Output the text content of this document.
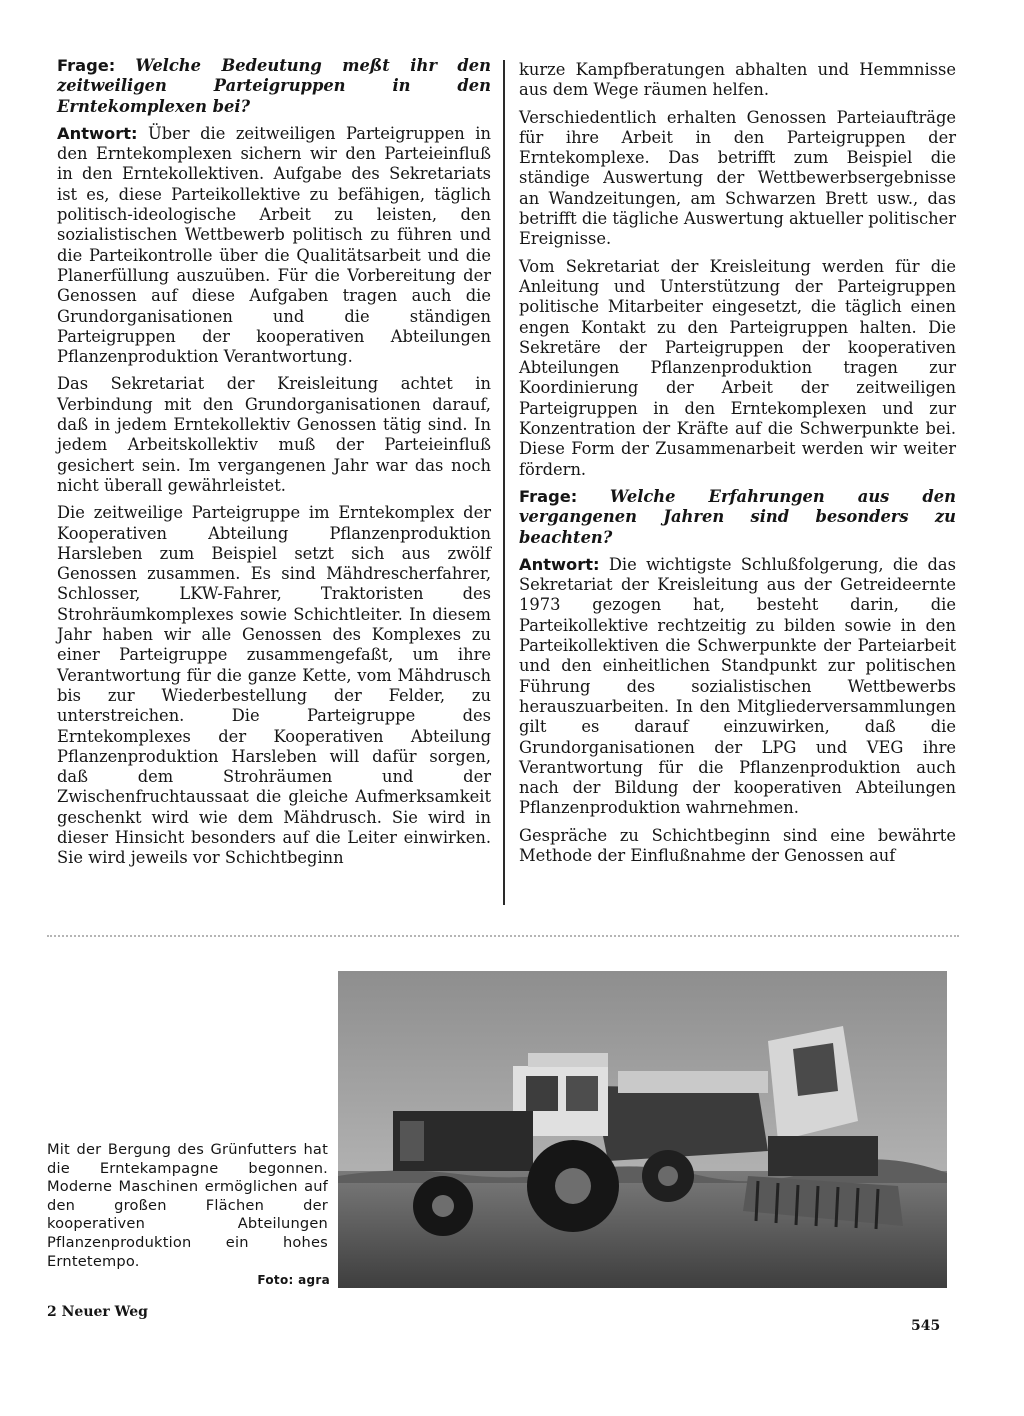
Frage: Welche Bedeutung meßt ihr den zeitweiligen Parteigruppen in den Erntekomplexen bei?

Antwort: Über die zeitweiligen Parteigruppen in den Erntekomplexen sichern wir den Parteieinfluß in den Erntekollektiven. Aufgabe des Sekretariats ist es, diese Parteikollektive zu befähigen, täglich politisch-ideologische Arbeit zu leisten, den sozialistischen Wettbewerb politisch zu führen und die Parteikontrolle über die Qualitätsarbeit und die Planerfüllung auszuüben. Für die Vorbereitung der Genossen auf diese Aufgaben tragen auch die Grundorganisationen und die ständigen Parteigruppen der kooperativen Abteilungen Pflanzenproduktion Verantwortung.

Das Sekretariat der Kreisleitung achtet in Verbindung mit den Grundorganisationen darauf, daß in jedem Erntekollektiv Genossen tätig sind. In jedem Arbeitskollektiv muß der Parteieinfluß gesichert sein. Im vergangenen Jahr war das noch nicht überall gewährleistet.

Die zeitweilige Parteigruppe im Erntekomplex der Kooperativen Abteilung Pflanzenproduktion Harsleben zum Beispiel setzt sich aus zwölf Genossen zusammen. Es sind Mähdrescherfahrer, Schlosser, LKW-Fahrer, Traktoristen des Strohräumkomplexes sowie Schichtleiter. In diesem Jahr haben wir alle Genossen des Komplexes zu einer Parteigruppe zusammengefaßt, um ihre Verantwortung für die ganze Kette, vom Mähdrusch bis zur Wiederbestellung der Felder, zu unterstreichen. Die Parteigruppe des Erntekomplexes der Kooperativen Abteilung Pflanzenproduktion Harsleben will dafür sorgen, daß dem Strohräumen und der Zwischenfruchtaussaat die gleiche Aufmerksamkeit geschenkt wird wie dem Mähdrusch. Sie wird in dieser Hinsicht besonders auf die Leiter einwirken. Sie wird jeweils vor Schichtbeginn

kurze Kampfberatungen abhalten und Hemmnisse aus dem Wege räumen helfen.

Verschiedentlich erhalten Genossen Parteiaufträge für ihre Arbeit in den Parteigruppen der Erntekomplexe. Das betrifft zum Beispiel die ständige Auswertung der Wettbewerbsergebnisse an Wandzeitungen, am Schwarzen Brett usw., das betrifft die tägliche Auswertung aktueller politischer Ereignisse.

Vom Sekretariat der Kreisleitung werden für die Anleitung und Unterstützung der Parteigruppen politische Mitarbeiter eingesetzt, die täglich einen engen Kontakt zu den Parteigruppen halten. Die Sekretäre der Parteigruppen der kooperativen Abteilungen Pflanzenproduktion tragen zur Koordinierung der Arbeit der zeitweiligen Parteigruppen in den Erntekomplexen und zur Konzentration der Kräfte auf die Schwerpunkte bei. Diese Form der Zusammenarbeit werden wir weiter fördern.

Frage: Welche Erfahrungen aus den vergangenen Jahren sind besonders zu beachten?

Antwort: Die wichtigste Schlußfolgerung, die das Sekretariat der Kreisleitung aus der Getreideernte 1973 gezogen hat, besteht darin, die Parteikollektive rechtzeitig zu bilden sowie in den Parteikollektiven die Schwerpunkte der Parteiarbeit und den einheitlichen Standpunkt zur politischen Führung des sozialistischen Wettbewerbs herauszuarbeiten. In den Mitgliederversammlungen gilt es darauf einzuwirken, daß die Grundorganisationen der LPG und VEG ihre Verantwortung für die Pflanzenproduktion auch nach der Bildung der kooperativen Abteilungen Pflanzenproduktion wahrnehmen.

Gespräche zu Schichtbeginn sind eine bewährte Methode der Einflußnahme der Genossen auf

Mit der Bergung des Grünfutters hat die Erntekampagne begonnen. Moderne Maschinen ermöglichen auf den großen Flächen der kooperativen Abteilungen Pflanzenproduktion ein hohes Erntetempo.
Foto: agra
2 Neuer Weg
545
